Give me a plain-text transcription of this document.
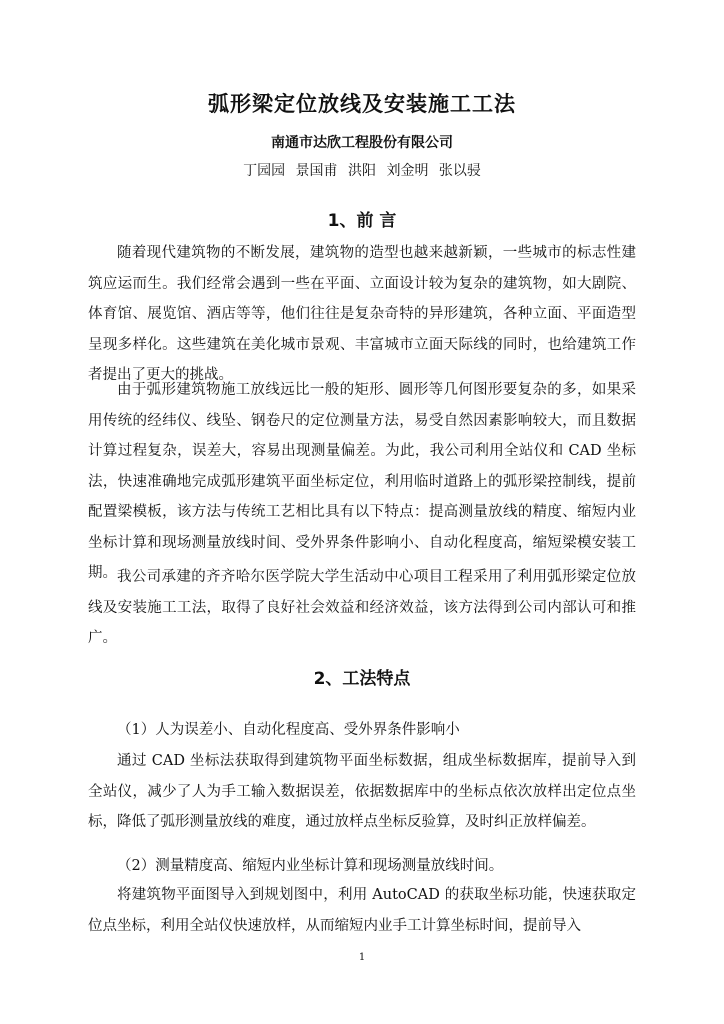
弧形梁定位放线及安装施工工法
南通市达欣工程股份有限公司
丁园园 景国甫 洪阳 刘金明 张以骎
1、前 言

随着现代建筑物的不断发展，建筑物的造型也越来越新颖，一些城市的标志性建筑应运而生。我们经常会遇到一些在平面、立面设计较为复杂的建筑物，如大剧院、体育馆、展览馆、酒店等等，他们往往是复杂奇特的异形建筑，各种立面、平面造型呈现多样化。这些建筑在美化城市景观、丰富城市立面天际线的同时，也给建筑工作者提出了更大的挑战。

由于弧形建筑物施工放线远比一般的矩形、圆形等几何图形要复杂的多，如果采用传统的经纬仪、线坠、钢卷尺的定位测量方法，易受自然因素影响较大，而且数据计算过程复杂，误差大，容易出现测量偏差。为此，我公司利用全站仪和 CAD 坐标法，快速准确地完成弧形建筑平面坐标定位，利用临时道路上的弧形梁控制线，提前配置梁模板，该方法与传统工艺相比具有以下特点：提高测量放线的精度、缩短内业坐标计算和现场测量放线时间、受外界条件影响小、自动化程度高，缩短梁模安装工期。 我公司承建的齐齐哈尔医学院大学生活动中心项目工程采用了利用弧形梁定位放线及安装施工工法，取得了良好社会效益和经济效益，该方法得到公司内部认可和推广。

2、工法特点

（1）人为误差小、自动化程度高、受外界条件影响小

通过 CAD 坐标法获取得到建筑物平面坐标数据，组成坐标数据库，提前导入到全站仪，减少了人为手工输入数据误差，依据数据库中的坐标点依次放样出定位点坐标，降低了弧形测量放线的难度，通过放样点坐标反验算，及时纠正放样偏差。

（2）测量精度高、缩短内业坐标计算和现场测量放线时间。

将建筑物平面图导入到规划图中，利用 AutoCAD 的获取坐标功能，快速获取定位点坐标，利用全站仪快速放样，从而缩短内业手工计算坐标时间，提前导入

1
